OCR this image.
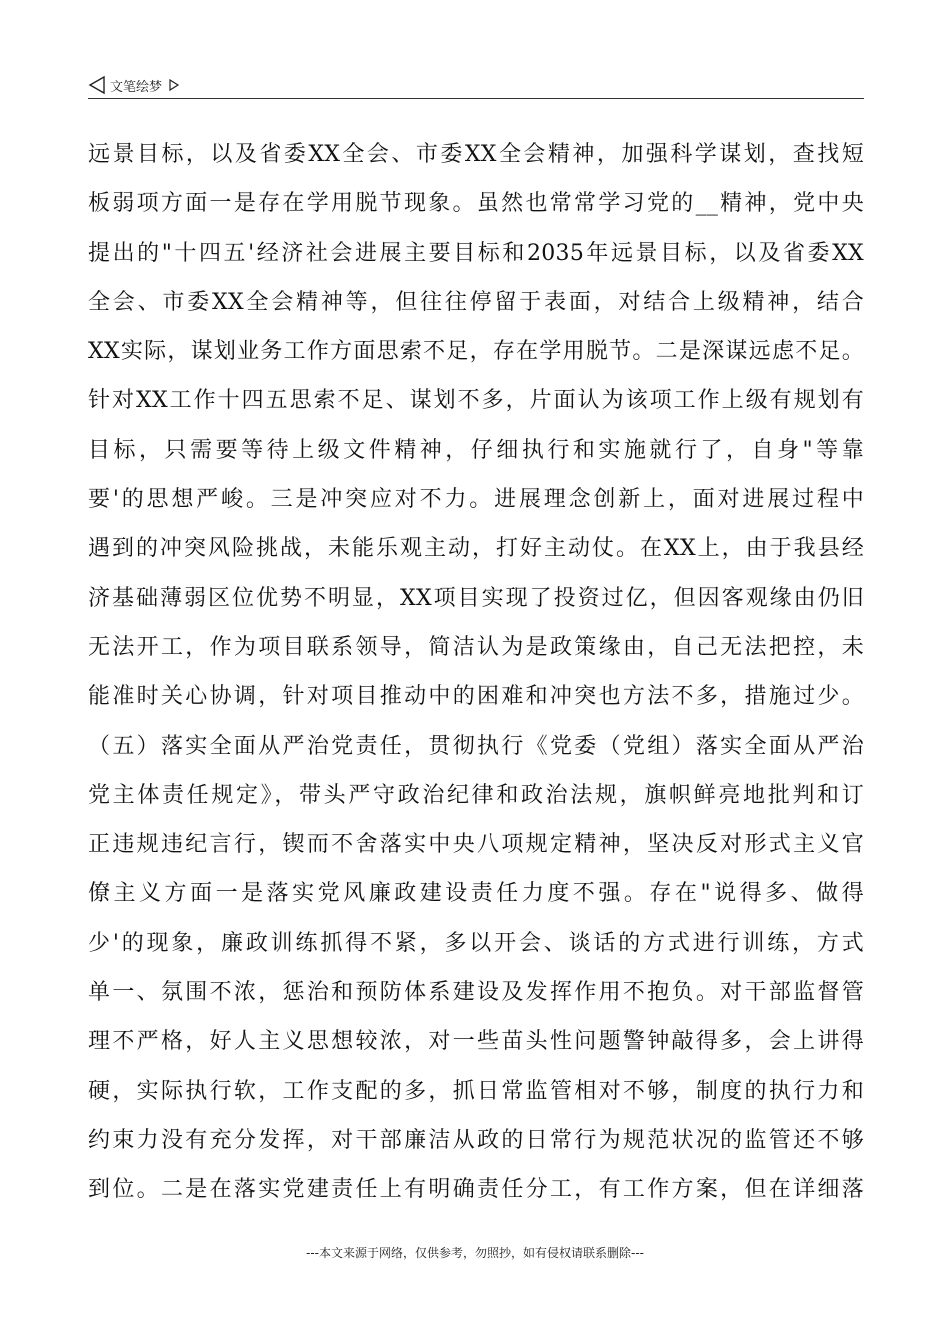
文笔绘梦
远景目标，以及省委XX全会、市委XX全会精神，加强科学谋划，查找短
板弱项方面一是存在学用脱节现象。虽然也常常学习党的__精神，党中央
提出的"十四五'经济社会进展主要目标和2035年远景目标，以及省委XX
全会、市委XX全会精神等，但往往停留于表面，对结合上级精神，结合
XX实际，谋划业务工作方面思索不足，存在学用脱节。二是深谋远虑不足。
针对XX工作十四五思索不足、谋划不多，片面认为该项工作上级有规划有
目标，只需要等待上级文件精神，仔细执行和实施就行了，自身"等靠
要'的思想严峻。三是冲突应对不力。进展理念创新上，面对进展过程中
遇到的冲突风险挑战，未能乐观主动，打好主动仗。在XX上，由于我县经
济基础薄弱区位优势不明显，XX项目实现了投资过亿，但因客观缘由仍旧
无法开工，作为项目联系领导，简洁认为是政策缘由，自己无法把控，未
能准时关心协调，针对项目推动中的困难和冲突也方法不多，措施过少。
（五）落实全面从严治党责任，贯彻执行《党委（党组）落实全面从严治
党主体责任规定》，带头严守政治纪律和政治法规，旗帜鲜亮地批判和订
正违规违纪言行，锲而不舍落实中央八项规定精神，坚决反对形式主义官
僚主义方面一是落实党风廉政建设责任力度不强。存在"说得多、做得
少'的现象，廉政训练抓得不紧，多以开会、谈话的方式进行训练，方式
单一、氛围不浓，惩治和预防体系建设及发挥作用不抱负。对干部监督管
理不严格，好人主义思想较浓，对一些苗头性问题警钟敲得多，会上讲得
硬，实际执行软，工作支配的多，抓日常监管相对不够，制度的执行力和
约束力没有充分发挥，对干部廉洁从政的日常行为规范状况的监管还不够
到位。二是在落实党建责任上有明确责任分工，有工作方案，但在详细落
---本文来源于网络，仅供参考，勿照抄，如有侵权请联系删除---
